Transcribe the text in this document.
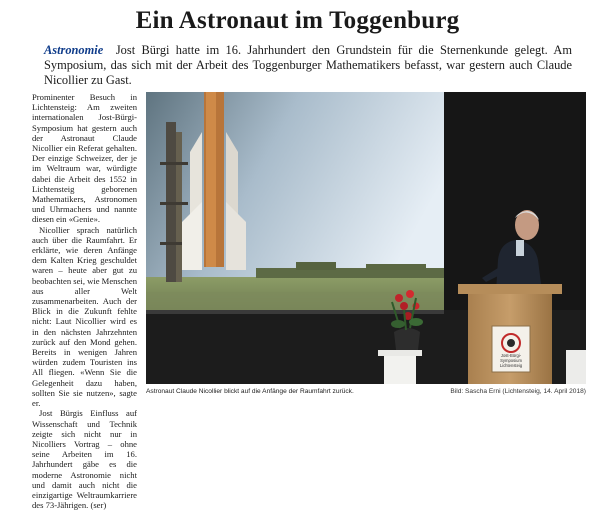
Ein Astronaut im Toggenburg
Astronomie Jost Bürgi hatte im 16. Jahrhundert den Grundstein für die Sternenkunde gelegt. Am Symposium, das sich mit der Arbeit des Toggenburger Mathematikers befasst, war gestern auch Claude Nicollier zu Gast.

Prominenter Besuch in Lichtensteig: Am zweiten internationalen Jost-Bürgi-Symposium hat gestern auch der Astronaut Claude Nicollier ein Referat gehalten. Der einzige Schweizer, der je im Weltraum war, würdigte dabei die Arbeit des 1552 in Lichtensteig geborenen Mathematikers, Astronomen und Uhrmachers und nannte diesen ein «Genie».

Nicollier sprach natürlich auch über die Raumfahrt. Er erklärte, wie deren Anfänge dem Kalten Krieg geschuldet waren – heute aber gut zu beobachten sei, wie Menschen aus aller Welt zusammenarbeiten. Auch der Blick in die Zukunft fehlte nicht: Laut Nicollier wird es in den nächsten Jahrzehnten zurück auf den Mond gehen. Bereits in wenigen Jahren würden zudem Touristen ins All fliegen. «Wenn Sie die Gelegenheit dazu haben, sollten Sie sie nutzen», sagte er.

Jost Bürgis Einfluss auf Wissenschaft und Technik zeigte sich nicht nur in Nicolliers Vortrag – ohne seine Arbeiten im 16. Jahrhundert gäbe es die moderne Astronomie nicht und damit auch nicht die einzigartige Weltraumkarriere des 73-Jährigen. (ser)

Jost-Bürgi-
Symposium
Lichtensteig
Astronaut Claude Nicollier blickt auf die Anfänge der Raumfahrt zurück.	Bild: Sascha Erni (Lichtensteig, 14. April 2018)
